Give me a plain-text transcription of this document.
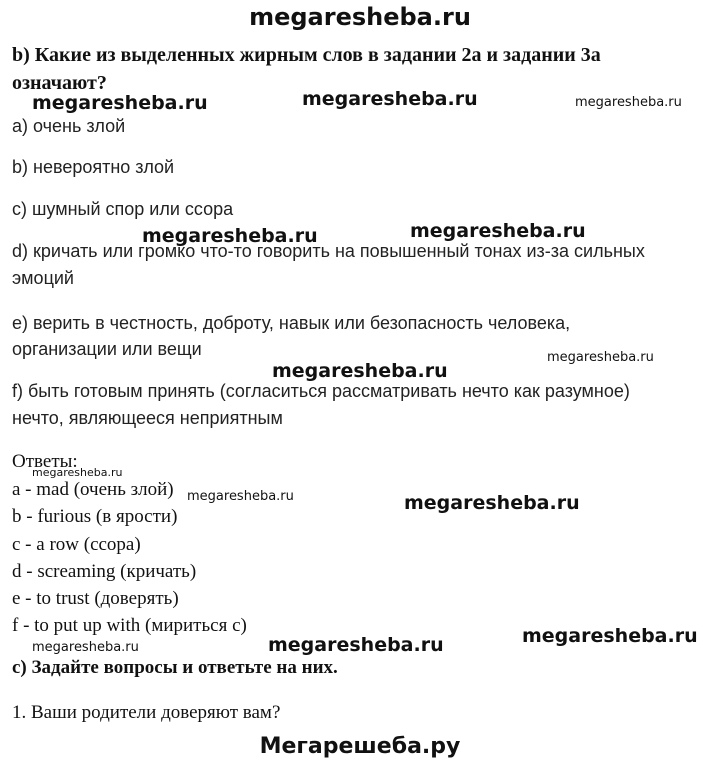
megaresheba.ru
b) Какие из выделенных жирным слов в задании 2а и задании 3а
означают?
а) очень злой
b) невероятно злой
c) шумный спор или ссора
d) кричать или громко что-то говорить на повышенный тонах из-за сильных
эмоций
е) верить в честность, доброту, навык или безопасность человека,
организации или вещи
f) быть готовым принять (согласиться рассматривать нечто как разумное)
нечто, являющееся неприятным
Ответы:
a - mad (очень злой)
b - furious (в ярости)
c - a row (ссора)
d - screaming (кричать)
e - to trust (доверять)
f - to put up with (мириться с)
c) Задайте вопросы и ответьте на них.
1. Ваши родители доверяют вам?
megaresheba.ru	megaresheba.ru	megaresheba.ru
megaresheba.ru	megaresheba.ru
megaresheba.ru
megaresheba.ru
megaresheba.ru
megaresheba.ru	megaresheba.ru
megaresheba.ru	megaresheba.ru
megaresheba.ru
Мегарешеба.ру
